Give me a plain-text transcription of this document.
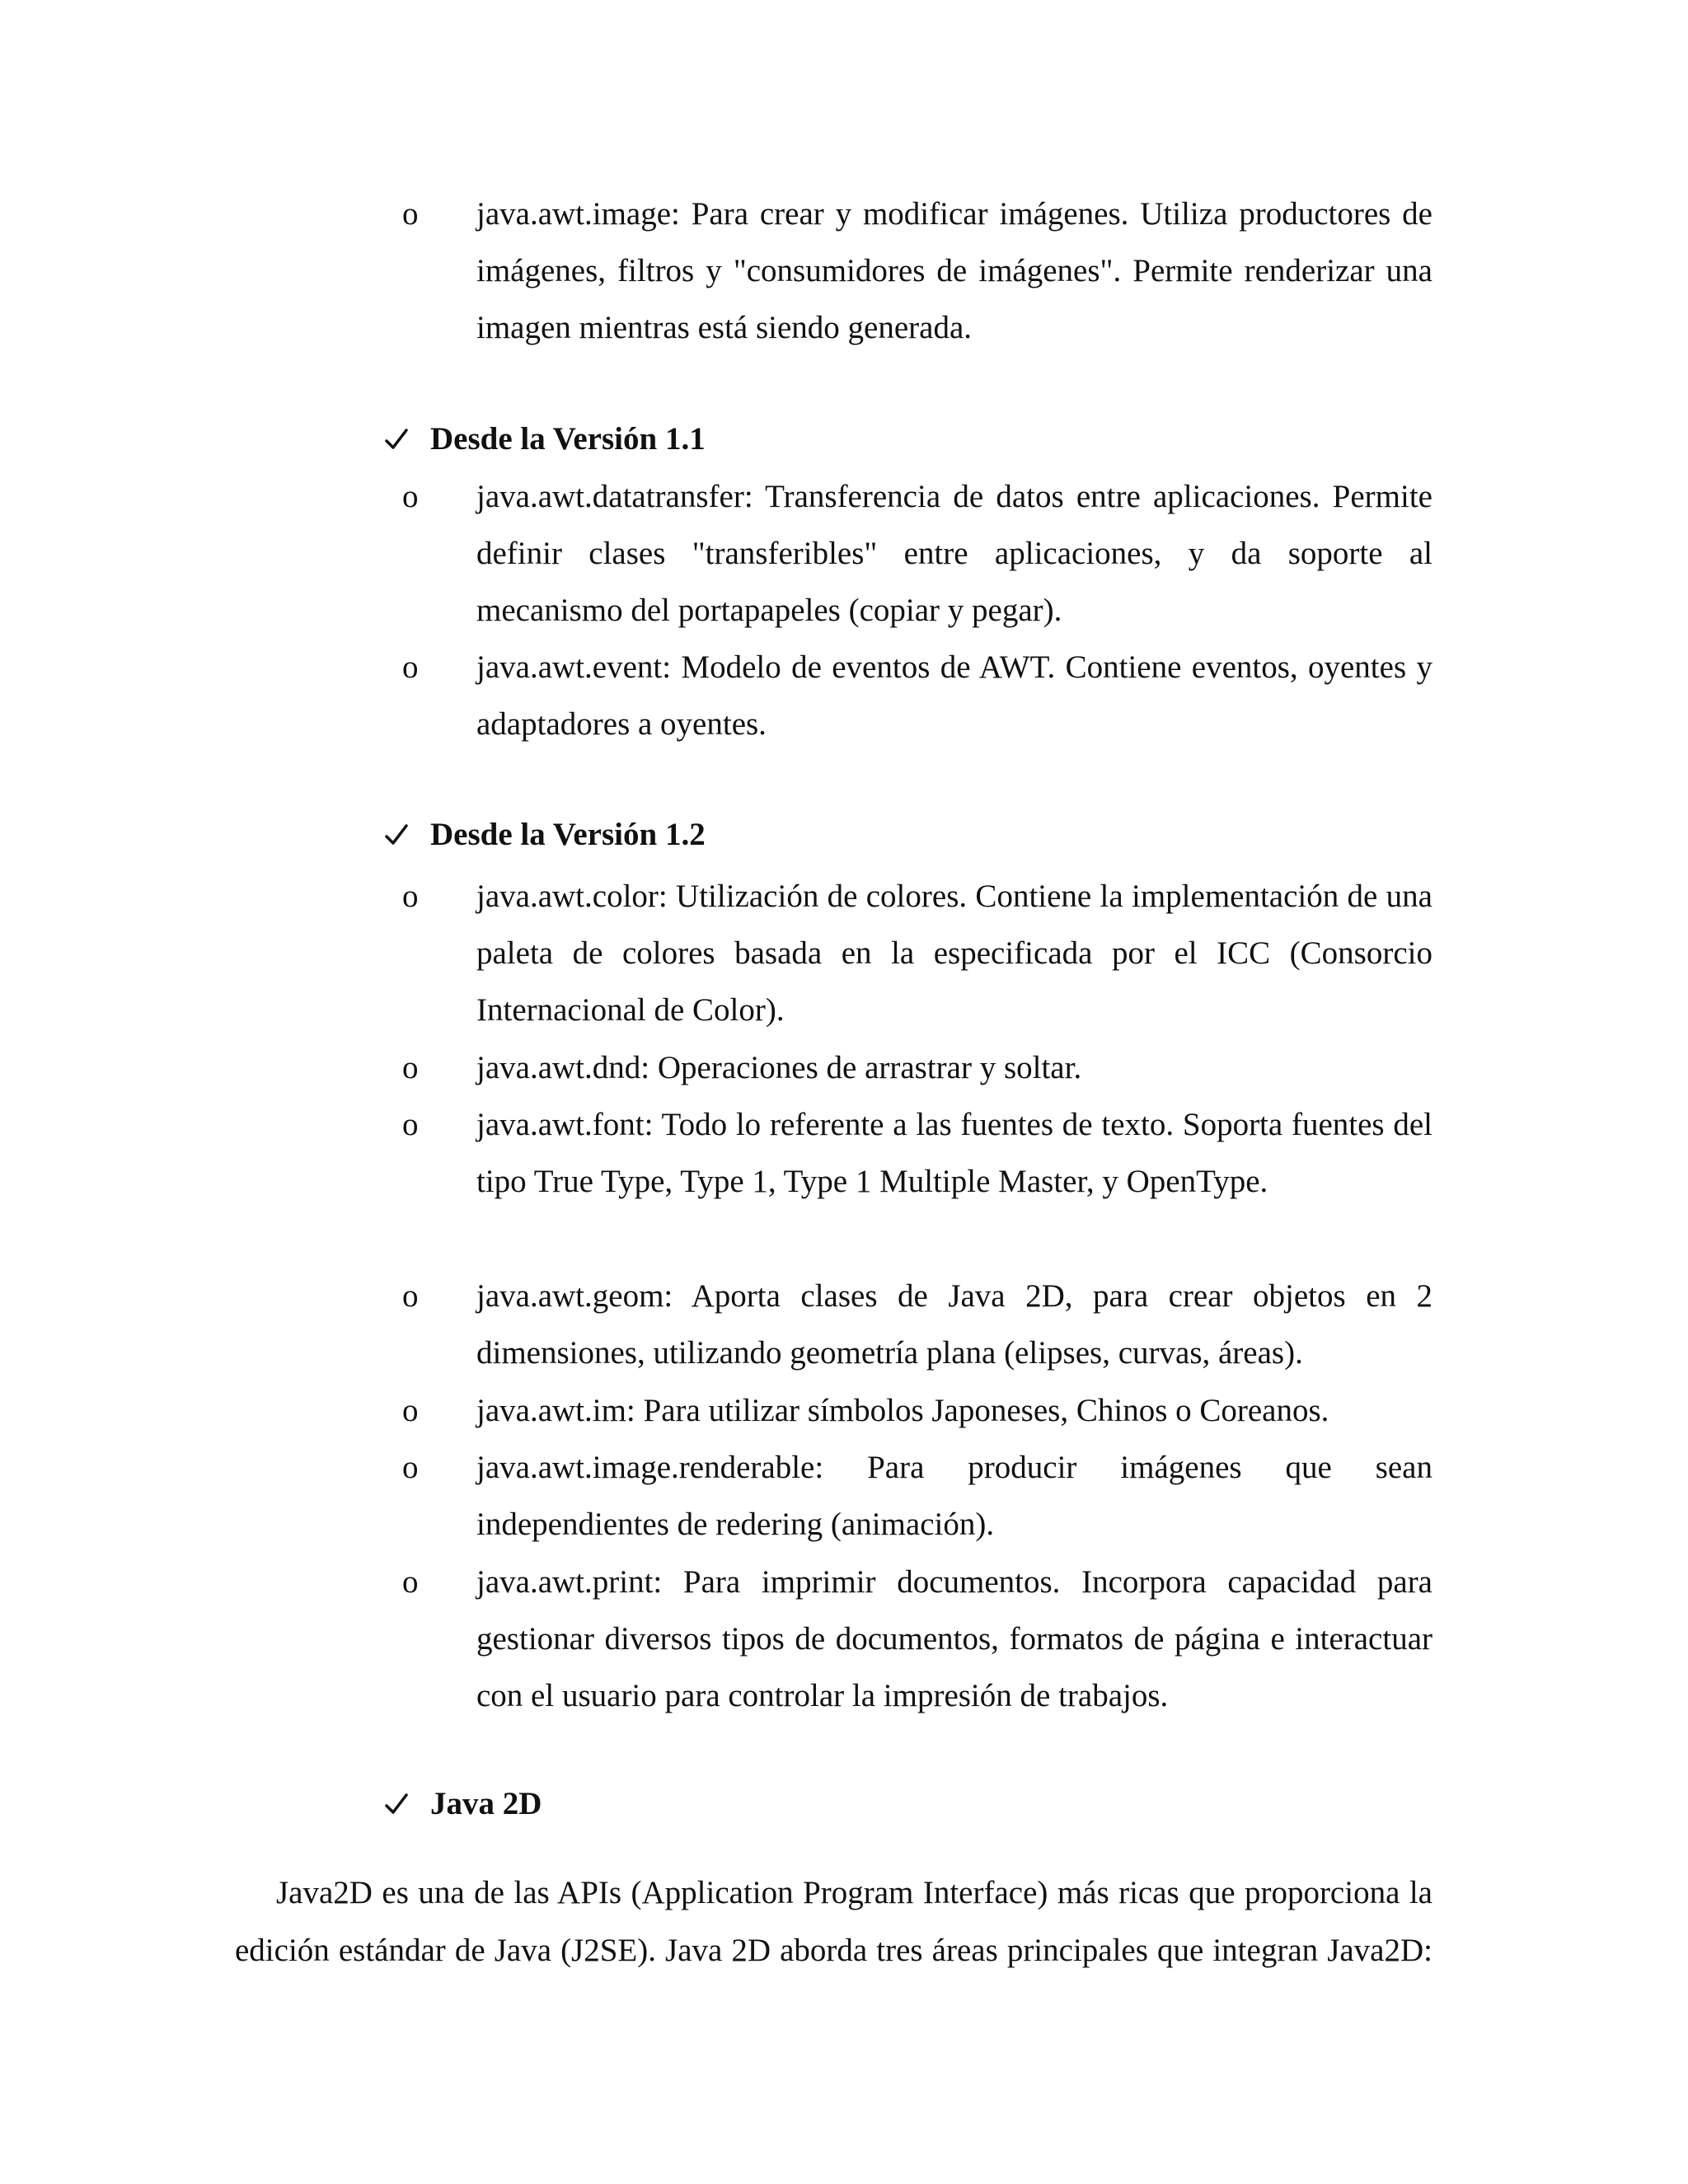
o java.awt.image: Para crear y modificar imágenes. Utiliza productores de imágenes, filtros y "consumidores de imágenes". Permite renderizar una imagen mientras está siendo generada.
Desde la Versión 1.1
o java.awt.datatransfer: Transferencia de datos entre aplicaciones. Permite definir clases "transferibles" entre aplicaciones, y da soporte al mecanismo del portapapeles (copiar y pegar).
o java.awt.event: Modelo de eventos de AWT. Contiene eventos, oyentes y adaptadores a oyentes.
Desde la Versión 1.2
o java.awt.color: Utilización de colores. Contiene la implementación de una paleta de colores basada en la especificada por el ICC (Consorcio Internacional de Color).
o java.awt.dnd: Operaciones de arrastrar y soltar.
o java.awt.font: Todo lo referente a las fuentes de texto. Soporta fuentes del tipo True Type, Type 1, Type 1 Multiple Master, y OpenType.
o java.awt.geom: Aporta clases de Java 2D, para crear objetos en 2 dimensiones, utilizando geometría plana (elipses, curvas, áreas).
o java.awt.im: Para utilizar símbolos Japoneses, Chinos o Coreanos.
o java.awt.image.renderable: Para producir imágenes que sean independientes de redering (animación).
o java.awt.print: Para imprimir documentos. Incorpora capacidad para gestionar diversos tipos de documentos, formatos de página e interactuar con el usuario para controlar la impresión de trabajos.
Java 2D
Java2D es una de las APIs (Application Program Interface) más ricas que proporciona la
edición estándar de Java (J2SE). Java 2D aborda tres áreas principales que integran Java2D:
